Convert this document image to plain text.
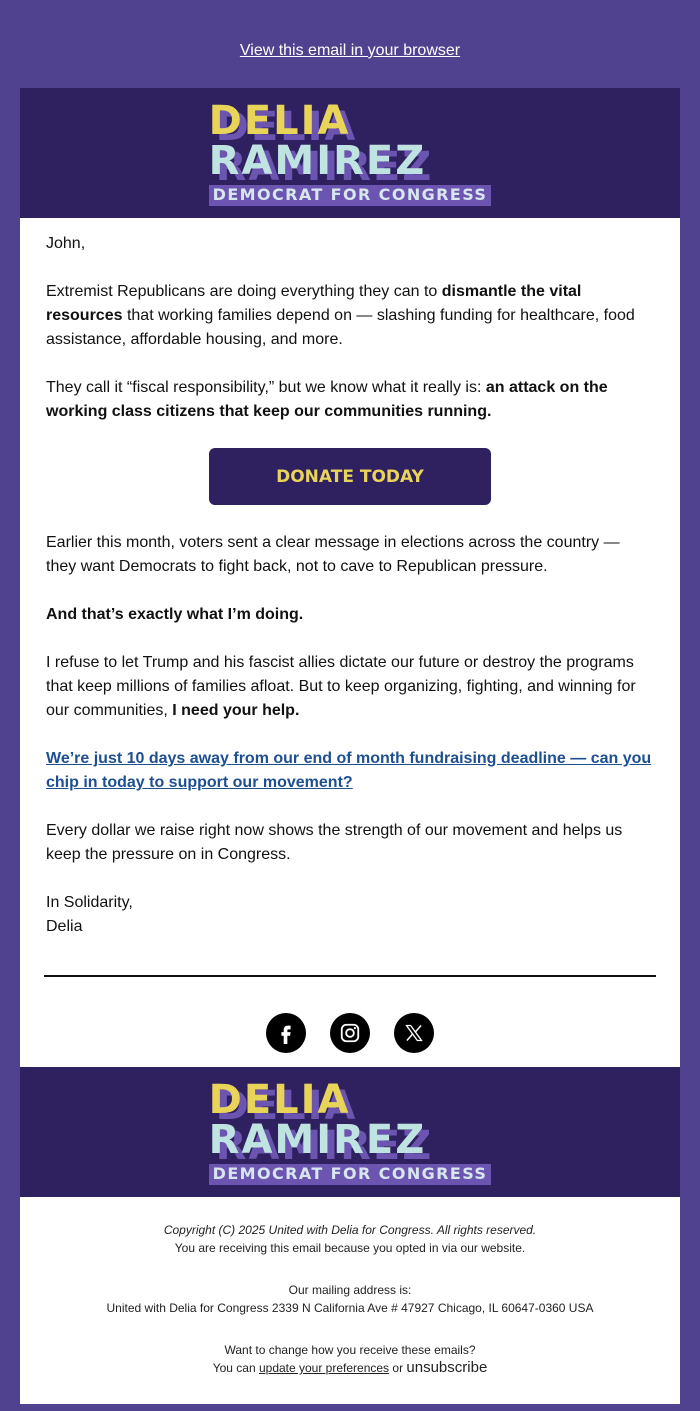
View this email in your browser
DELIA
RAMIREZ
DEMOCRAT FOR CONGRESS

John,

Extremist Republicans are doing everything they can to dismantle the vital resources that working families depend on — slashing funding for healthcare, food assistance, affordable housing, and more.

They call it “fiscal responsibility,” but we know what it really is: an attack on the working class citizens that keep our communities running.

DONATE TODAY

Earlier this month, voters sent a clear message in elections across the country — they want Democrats to fight back, not to cave to Republican pressure.

And that’s exactly what I’m doing.

I refuse to let Trump and his fascist allies dictate our future or destroy the programs that keep millions of families afloat. But to keep organizing, fighting, and winning for our communities, I need your help.

We’re just 10 days away from our end of month fundraising deadline — can you chip in today to support our movement?

Every dollar we raise right now shows the strength of our movement and helps us keep the pressure on in Congress.

In Solidarity,
Delia

DELIA
RAMIREZ
DEMOCRAT FOR CONGRESS
Copyright (C) 2025 United with Delia for Congress. All rights reserved.
You are receiving this email because you opted in via our website.
Our mailing address is:
United with Delia for Congress 2339 N California Ave # 47927 Chicago, IL 60647-0360 USA
Want to change how you receive these emails?
You can update your preferences or unsubscribe
